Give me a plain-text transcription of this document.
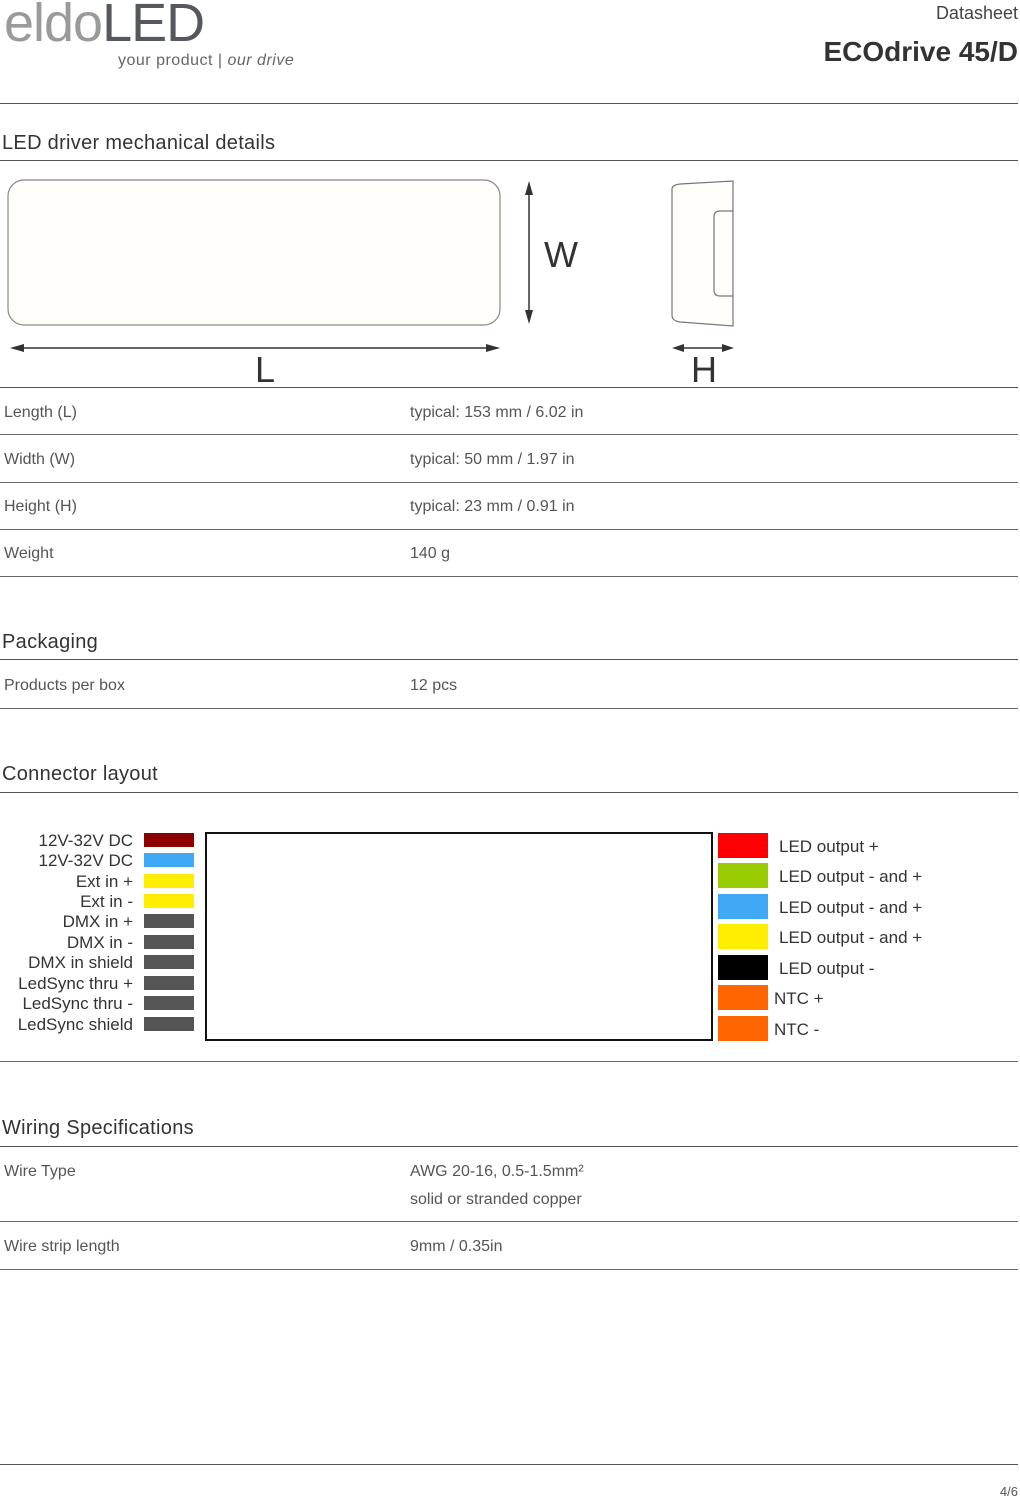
eldoLED
your product | our drive
Datasheet
ECOdrive 45/D
LED driver mechanical details
W
L	H
Length (L)	typical: 153 mm / 6.02 in
Width (W)	typical: 50 mm / 1.97 in
Height (H)	typical: 23 mm / 0.91 in
Weight	140 g
Packaging
Products per box	12 pcs
Connector layout
12V-32V DC
12V-32V DC
Ext in +
Ext in -
DMX in +
DMX in -
DMX in shield
LedSync thru +
LedSync thru -
LedSync shield
LED output +
LED output - and +
LED output - and +
LED output - and +
LED output -
NTC +
NTC -
Wiring Specifications
Wire Type	AWG 20-16, 0.5-1.5mm²
solid or stranded copper
Wire strip length	9mm / 0.35in
4/6
